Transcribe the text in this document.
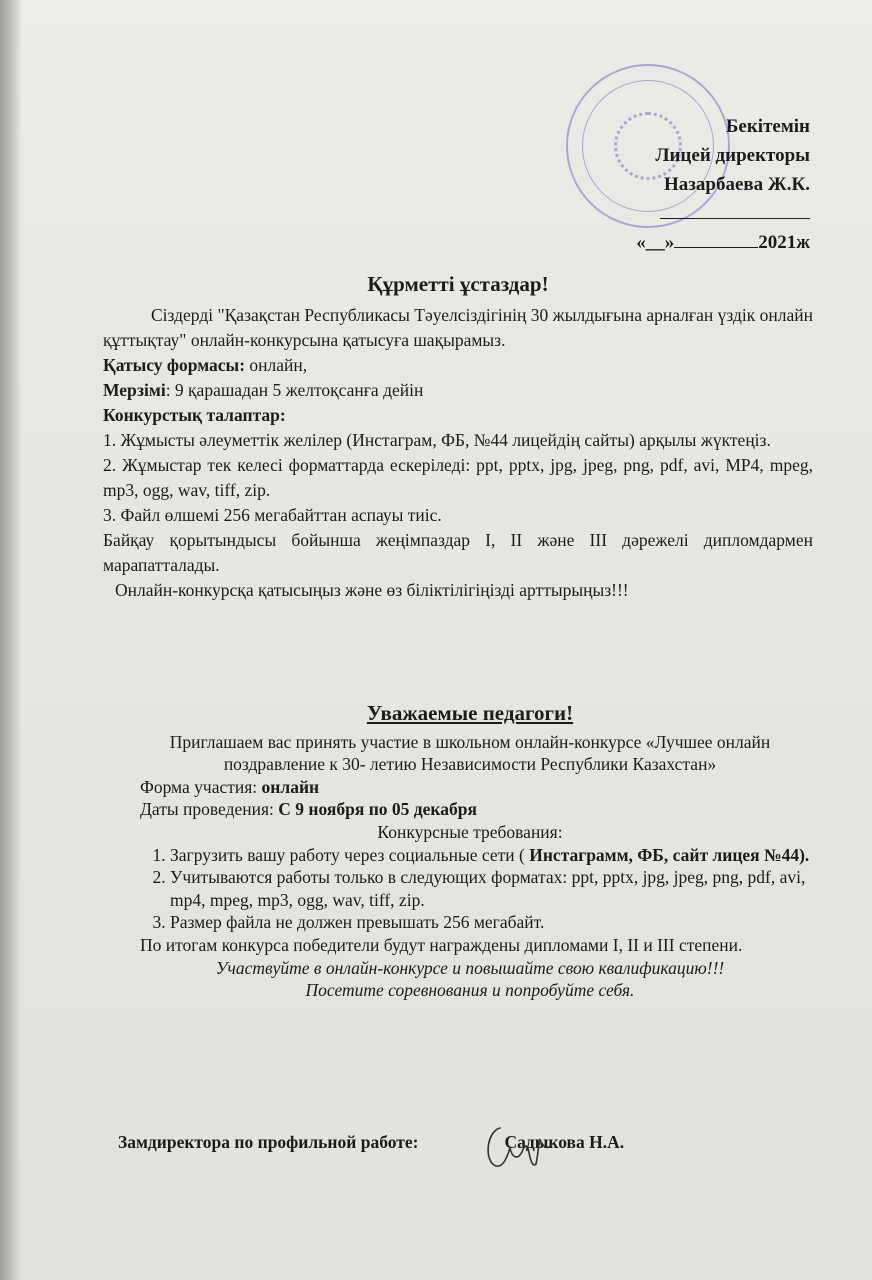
Бекітемін
Лицей директоры
Назарбаева Ж.К.
«__»	2021ж
Құрметті ұстаздар!

Сіздерді "Қазақстан Республикасы Тәуелсіздігінің 30 жылдығына арналған үздік онлайн құттықтау" онлайн-конкурсына қатысуға шақырамыз.

Қатысу формасы: онлайн,

Мерзімі: 9 қарашадан 5 желтоқсанға дейін

Конкурстық талаптар:

1. Жұмысты әлеуметтік желілер (Инстаграм, ФБ, №44 лицейдің сайты) арқылы жүктеңіз.

2. Жұмыстар тек келесі форматтарда ескеріледі: ppt, pptx, jpg, jpeg, png, pdf, avi, MP4, mpeg, mp3, ogg, wav, tiff, zip.

3. Файл өлшемі 256 мегабайттан аспауы тиіс.

Байқау қорытындысы бойынша жеңімпаздар I, II және III дәрежелі дипломдармен марапатталады.

Онлайн-конкурсқа қатысыңыз және өз біліктілігіңізді арттырыңыз!!!

Уважаемые педагоги!

Приглашаем вас принять участие в школьном онлайн-конкурсе «Лучшее онлайн поздравление к 30- летию Независимости Республики Казахстан»

Форма участия: онлайн

Даты проведения: С 9 ноября по 05 декабря

Конкурсные требования:

1. Загрузить вашу работу через социальные сети ( Инстаграмм, ФБ, сайт лицея №44).
2. Учитываются работы только в следующих форматах: ppt, pptx, jpg, jpeg, png, pdf, avi, mp4, mpeg, mp3, ogg, wav, tiff, zip.
3. Размер файла не должен превышать 256 мегабайт.

По итогам конкурса победители будут награждены дипломами I, II и III степени.

Участвуйте в онлайн-конкурсе и повышайте свою квалификацию!!!

Посетите соревнования и попробуйте себя.

Замдиректора по профильной работе:	Садыкова Н.А.
